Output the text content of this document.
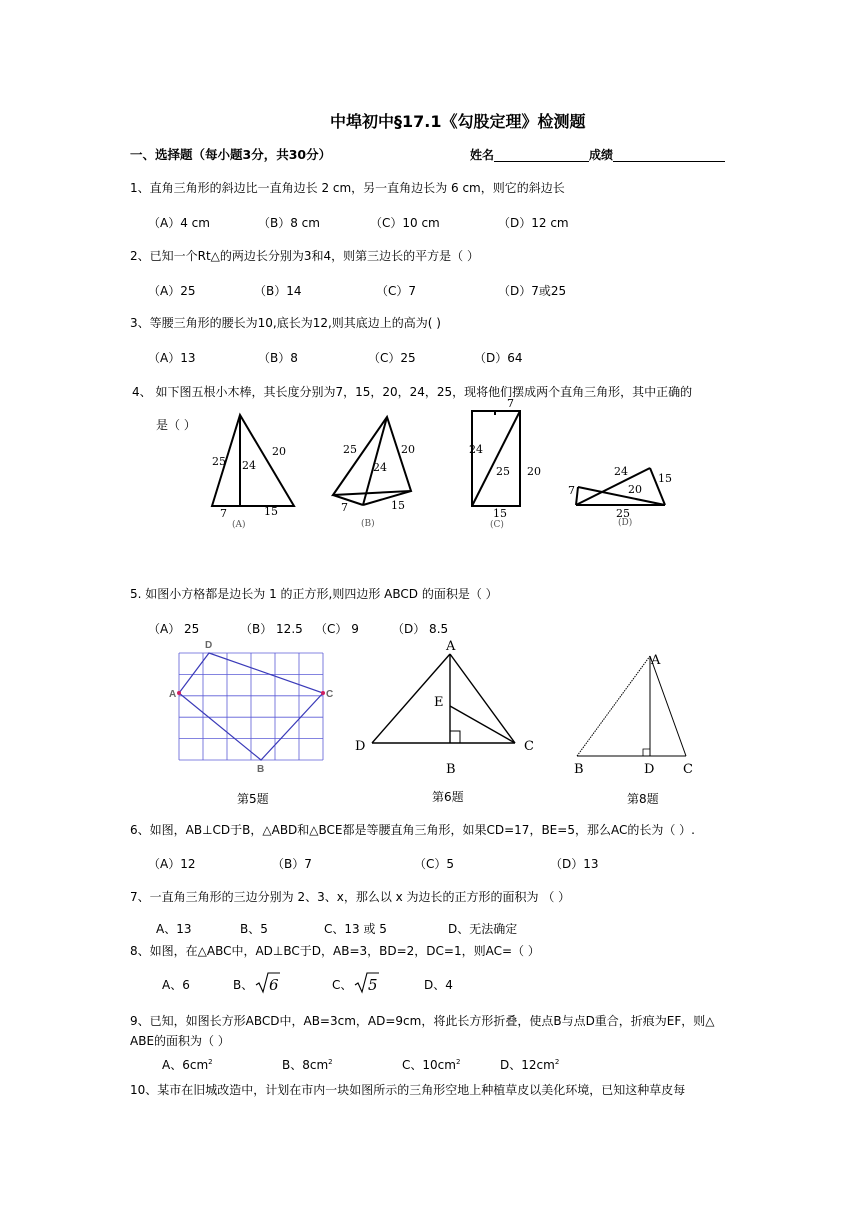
中埠初中§17.1《勾股定理》检测题
一、选择题（每小题3分，共30分）	姓名	成绩
1、直角三角形的斜边比一直角边长 2 cm，另一直角边长为 6 cm，则它的斜边长
（A）4 cm	（B）8 cm	（C）10 cm	（D）12 cm
2、已知一个Rt△的两边长分别为3和4，则第三边长的平方是（ ）
（A）25	（B）14	（C）7	（D）7或25
3、等腰三角形的腰长为10,底长为12,则其底边上的高为( )
（A）13	（B）8	（C）25	（D）64
4、 如下图五根小木棒，其长度分别为7，15，20，24，25，现将他们摆成两个直角三角形，其中正确的
是（ ）
25 24
20
7	15
(A)
25
24
20
7	15
(B)
7
24
25 20
15
(C)
24
15
7	20
25
(D)
5. 如图小方格都是边长为 1 的正方形,则四边形 ABCD 的面积是（ ）
（A） 25	（B） 12.5 （C） 9	（D） 8.5
A
D
C
B
A
E
D	C
B
A
B	D C
第5题	第6题	第8题
6、如图，AB⊥CD于B，△ABD和△BCE都是等腰直角三角形，如果CD=17，BE=5，那么AC的长为（ ）.
（A）12	（B）7	（C）5	（D）13
7、一直角三角形的三边分别为 2、3、x，那么以 x 为边长的正方形的面积为 （ ）
A、13	B、5	C、13 或 5	D、无法确定
8、如图，在△ABC中，AD⊥BC于D，AB=3，BD=2，DC=1，则AC=（ ）
A、6	B、 6	C、 5	D、4
9、已知，如图长方形ABCD中，AB=3cm，AD=9cm，将此长方形折叠，使点B与点D重合，折痕为EF，则△
ABE的面积为（ ）
A、$6cm^2$	B、$8cm^2$	C、$10cm^2$	D、$12cm^2$
10、某市在旧城改造中，计划在市内一块如图所示的三角形空地上种植草皮以美化环境，已知这种草皮每
